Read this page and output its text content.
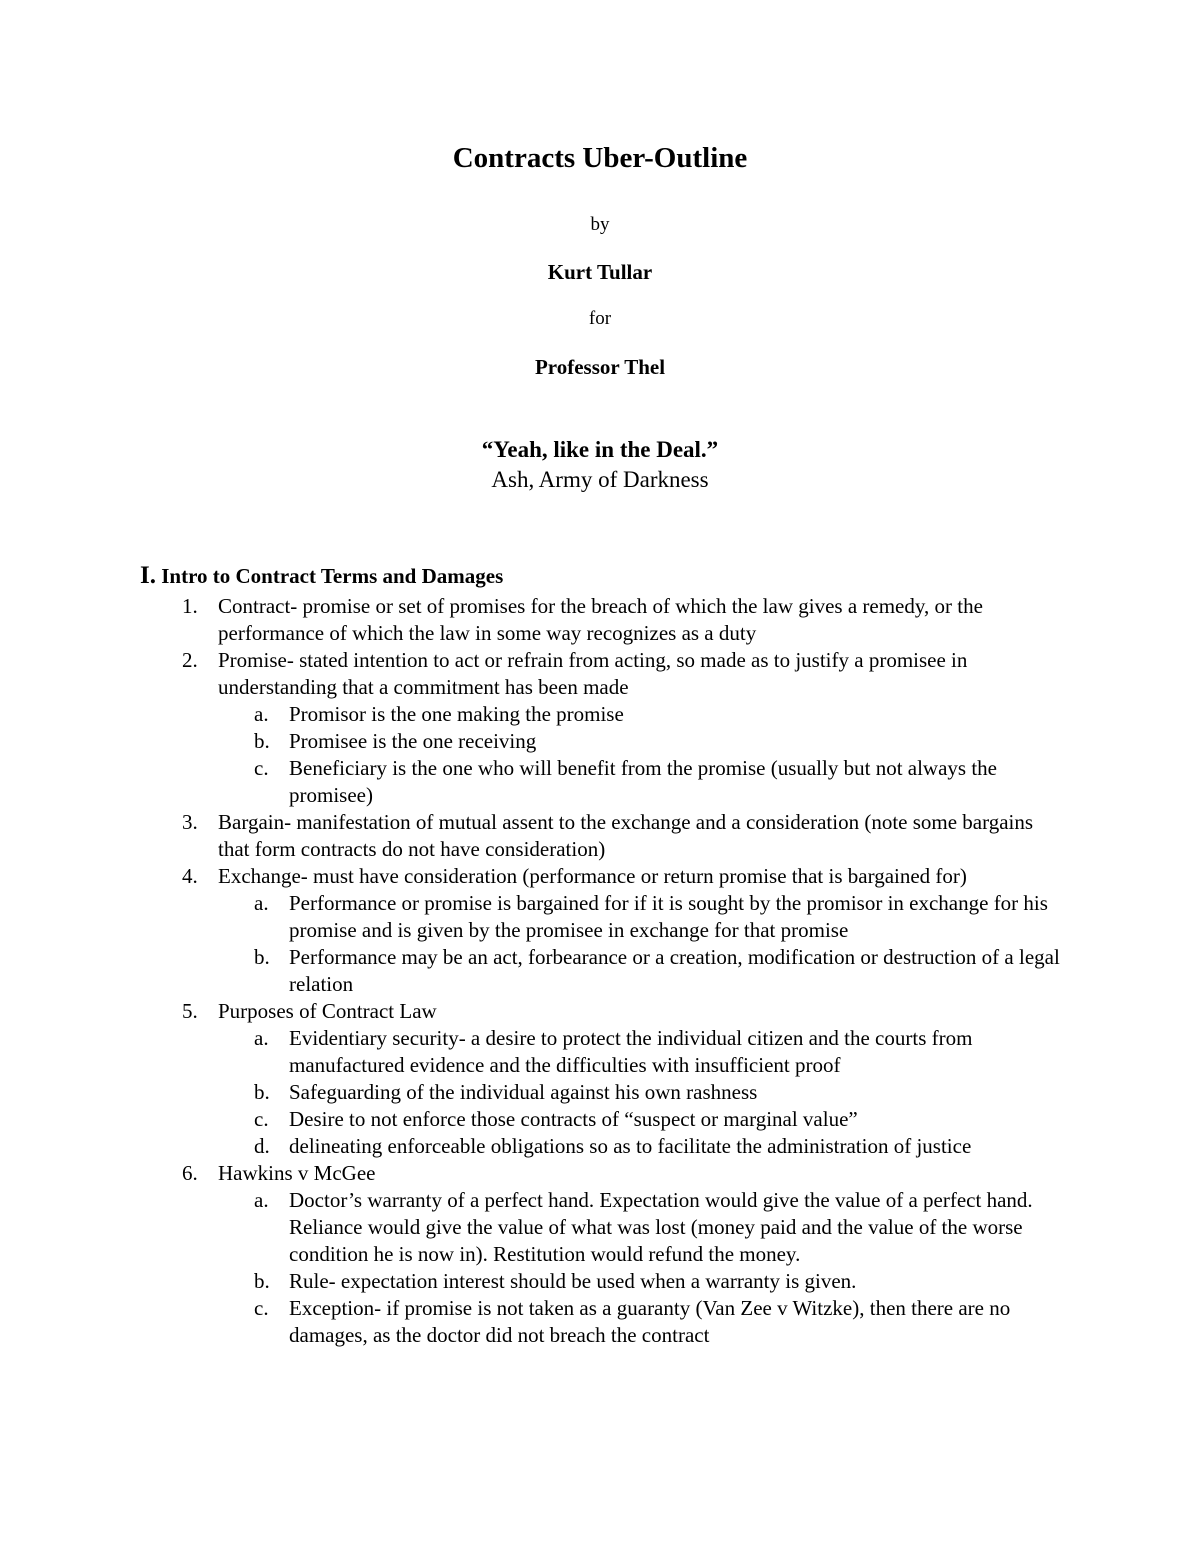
Contracts Uber-Outline
by
Kurt Tullar
for
Professor Thel
“Yeah, like in the Deal.”
Ash, Army of Darkness
I. Intro to Contract Terms and Damages
1. Contract- promise or set of promises for the breach of which the law gives a remedy, or the performance of which the law in some way recognizes as a duty
2. Promise- stated intention to act or refrain from acting, so made as to justify a promisee in understanding that a commitment has been made
a. Promisor is the one making the promise
b. Promisee is the one receiving
c. Beneficiary is the one who will benefit from the promise (usually but not always the promisee)
3. Bargain- manifestation of mutual assent to the exchange and a consideration (note some bargains that form contracts do not have consideration)
4. Exchange- must have consideration (performance or return promise that is bargained for)
a. Performance or promise is bargained for if it is sought by the promisor in exchange for his promise and is given by the promisee in exchange for that promise
b. Performance may be an act, forbearance or a creation, modification or destruction of a legal relation
5. Purposes of Contract Law
a. Evidentiary security- a desire to protect the individual citizen and the courts from manufactured evidence and the difficulties with insufficient proof
b. Safeguarding of the individual against his own rashness
c. Desire to not enforce those contracts of “suspect or marginal value”
d. delineating enforceable obligations so as to facilitate the administration of justice
6. Hawkins v McGee
a. Doctor’s warranty of a perfect hand. Expectation would give the value of a perfect hand. Reliance would give the value of what was lost (money paid and the value of the worse condition he is now in). Restitution would refund the money.
b. Rule- expectation interest should be used when a warranty is given.
c. Exception- if promise is not taken as a guaranty (Van Zee v Witzke), then there are no damages, as the doctor did not breach the contract
